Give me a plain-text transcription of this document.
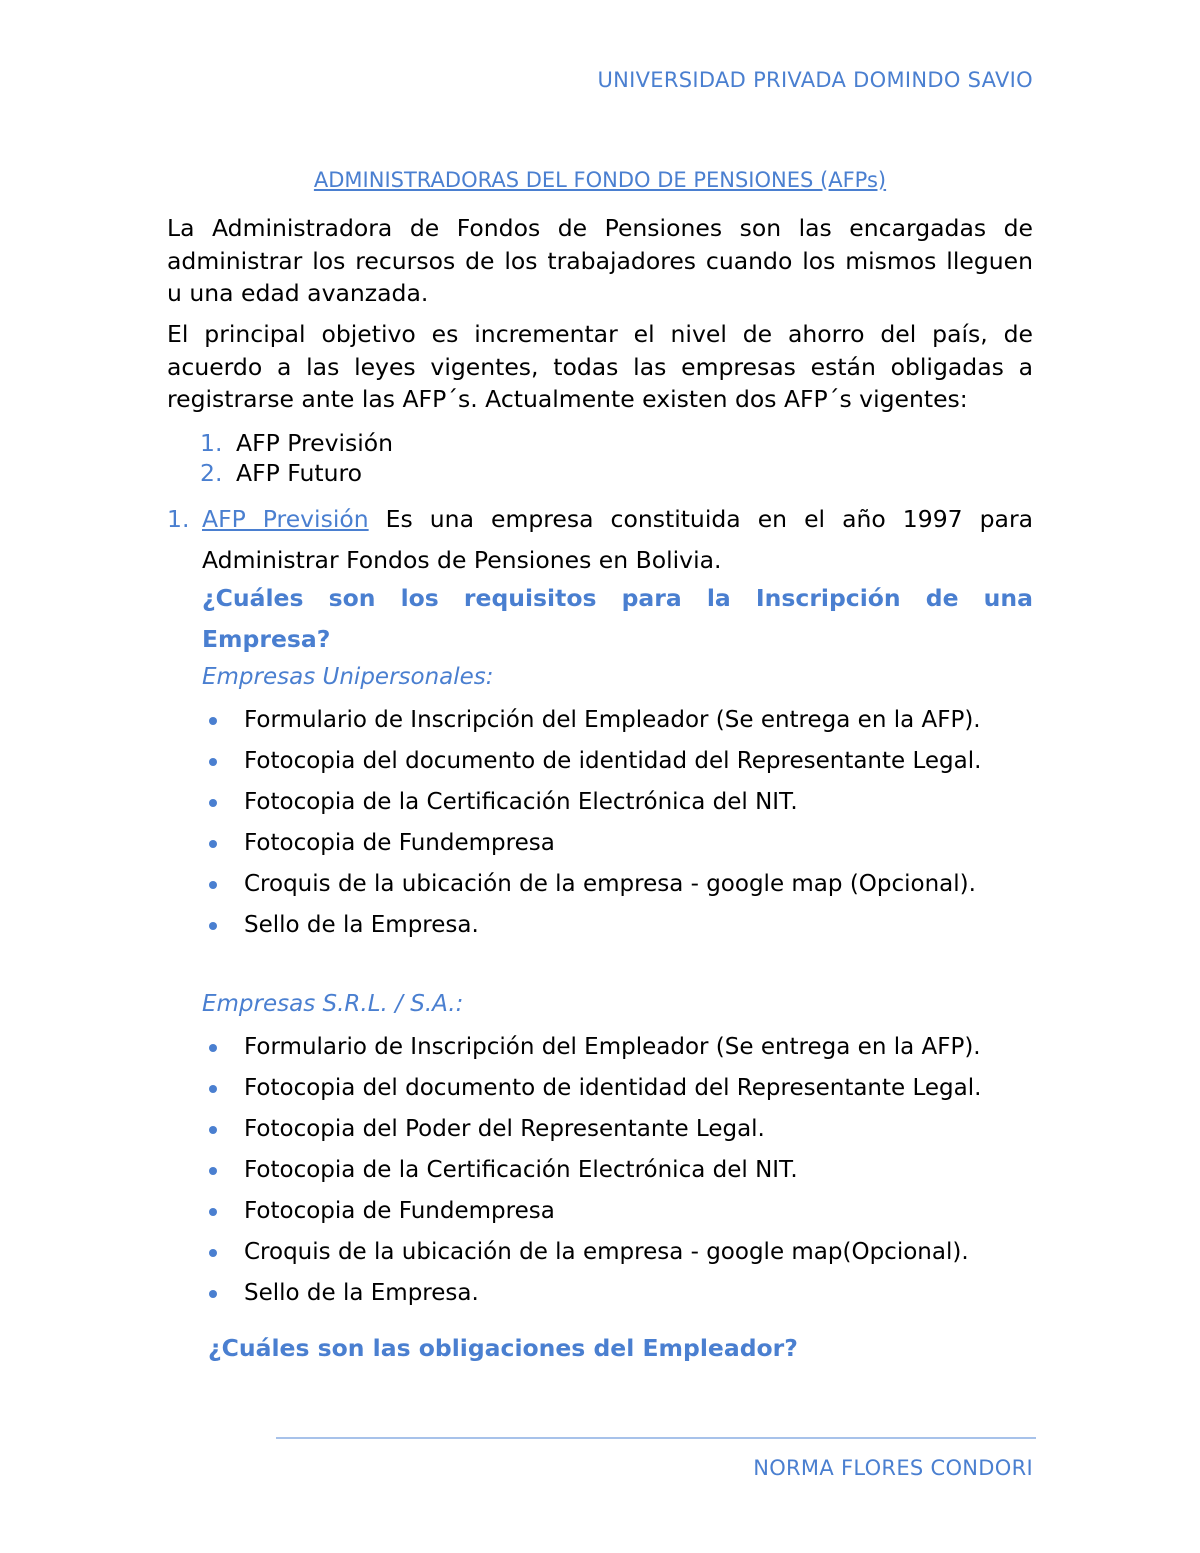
UNIVERSIDAD PRIVADA DOMINDO SAVIO
ADMINISTRADORAS DEL FONDO DE PENSIONES (AFPs)
La Administradora de Fondos de Pensiones son las encargadas de administrar los recursos de los trabajadores cuando los mismos lleguen u una edad avanzada.
El principal objetivo es incrementar el nivel de ahorro del país, de acuerdo a las leyes vigentes, todas las empresas están obligadas a registrarse ante las AFP´s. Actualmente existen dos AFP´s vigentes:
1. AFP Previsión
2. AFP Futuro
1. AFP Previsión Es una empresa constituida en el año 1997 para Administrar Fondos de Pensiones en Bolivia.
¿Cuáles son los requisitos para la Inscripción de una Empresa?
Empresas Unipersonales:
Formulario de Inscripción del Empleador (Se entrega en la AFP).
Fotocopia del documento de identidad del Representante Legal.
Fotocopia de la Certificación Electrónica del NIT.
Fotocopia de Fundempresa
Croquis de la ubicación de la empresa - google map (Opcional).
Sello de la Empresa.
Empresas S.R.L. / S.A.:
Formulario de Inscripción del Empleador (Se entrega en la AFP).
Fotocopia del documento de identidad del Representante Legal.
Fotocopia del Poder del Representante Legal.
Fotocopia de la Certificación Electrónica del NIT.
Fotocopia de Fundempresa
Croquis de la ubicación de la empresa - google map(Opcional).
Sello de la Empresa.
¿Cuáles son las obligaciones del Empleador?
NORMA FLORES CONDORI
